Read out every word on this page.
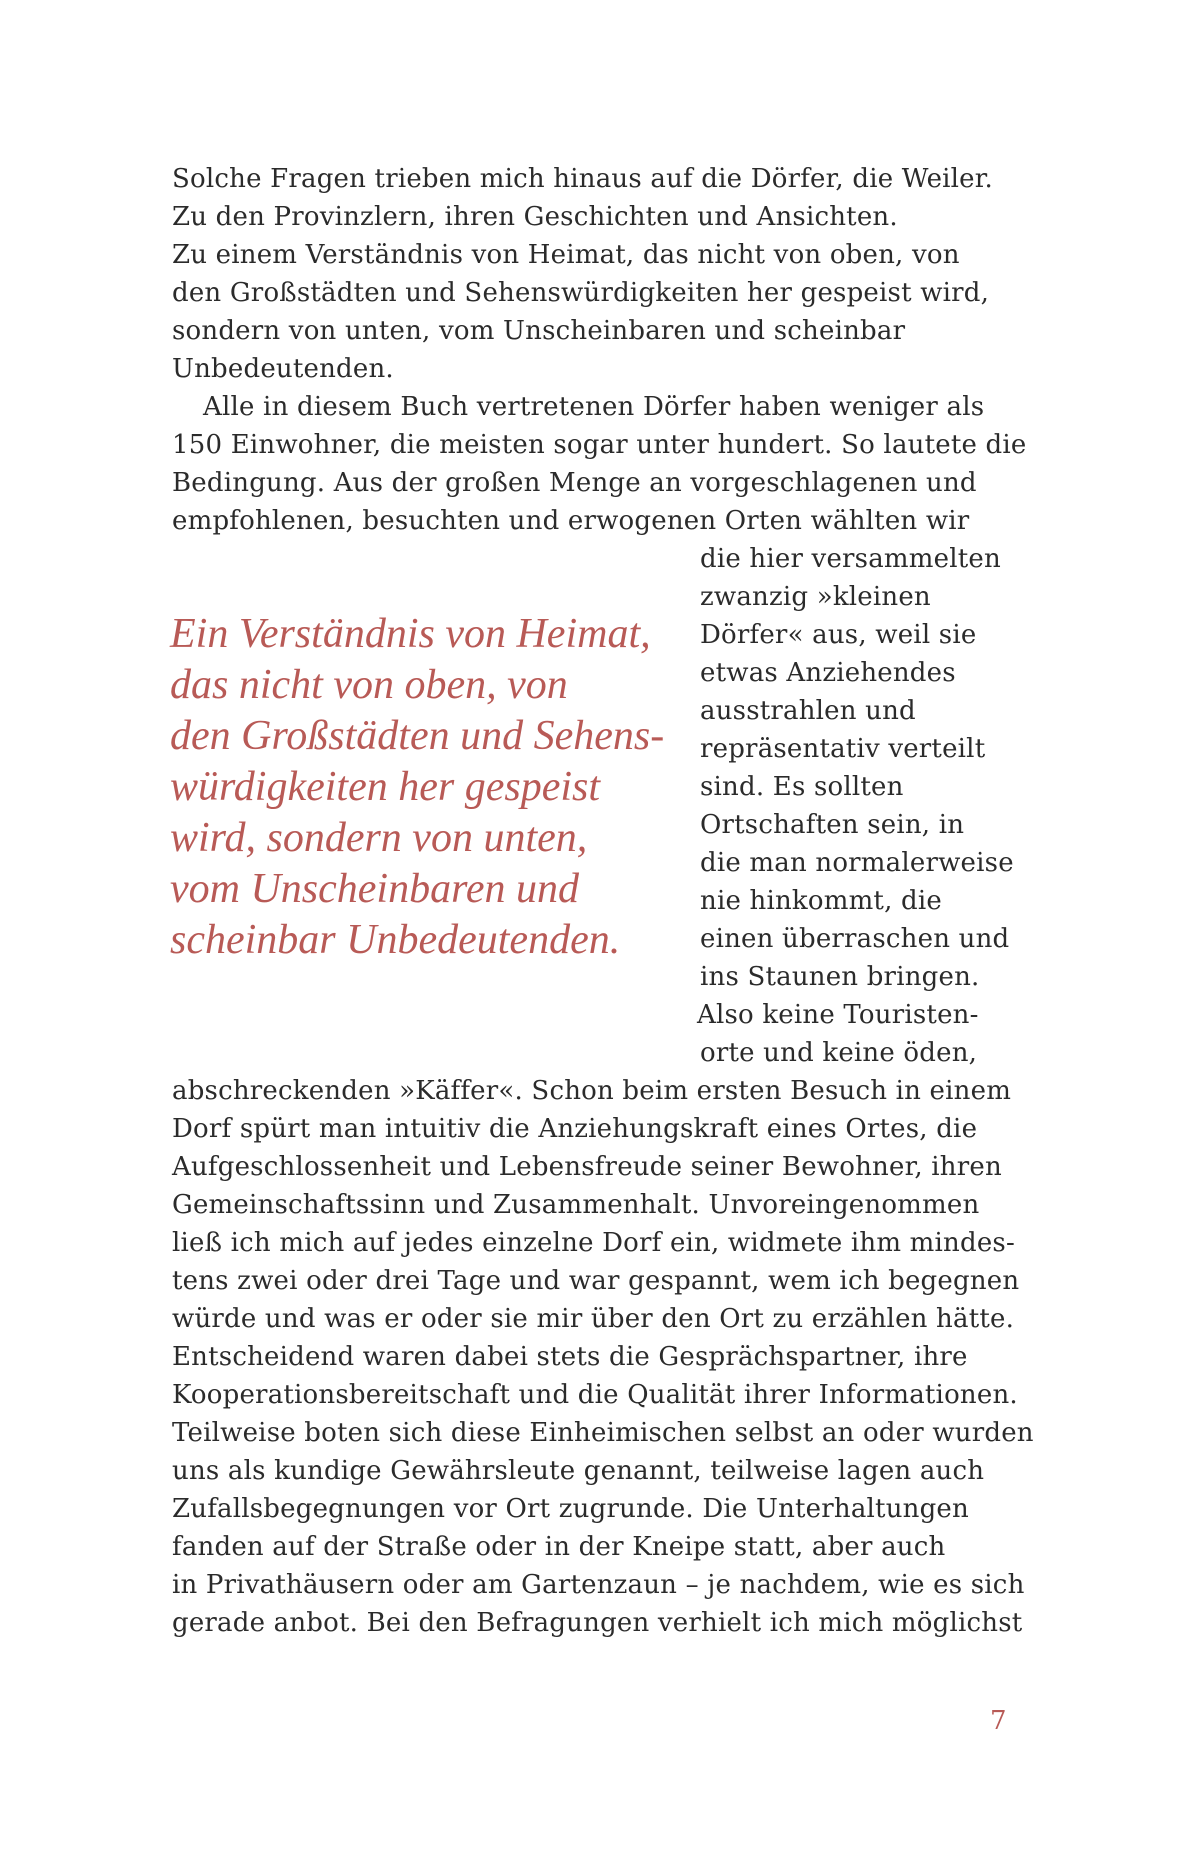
Solche Fragen trieben mich hinaus auf die Dörfer, die Weiler.
Zu den Provinzlern, ihren Geschichten und Ansichten.
Zu einem Verständnis von Heimat, das nicht von oben, von
den Großstädten und Sehenswürdigkeiten her gespeist wird,
sondern von unten, vom Unscheinbaren und scheinbar
Unbedeutenden.
Alle in diesem Buch vertretenen Dörfer haben weniger als
150 Einwohner, die meisten sogar unter hundert. So lautete die
Bedingung. Aus der großen Menge an vorgeschlagenen und
empfohlenen, besuchten und erwogenen Orten wählten wir
die hier versammelten
zwanzig »kleinen
Dörfer« aus, weil sie
etwas Anziehendes
ausstrahlen und
repräsentativ verteilt
sind. Es sollten
Ortschaften sein, in
die man normalerweise
nie hinkommt, die
einen überraschen und
ins Staunen bringen.
Also keine Touristen-
orte und keine öden,
Ein Verständnis von Heimat,
das nicht von oben, von
den Großstädten und Sehens-
würdigkeiten her gespeist
wird, sondern von unten,
vom Unscheinbaren und
scheinbar Unbedeutenden.
abschreckenden »Käffer«. Schon beim ersten Besuch in einem
Dorf spürt man intuitiv die Anziehungskraft eines Ortes, die
Aufgeschlossenheit und Lebensfreude seiner Bewohner, ihren
Gemeinschaftssinn und Zusammenhalt. Unvoreingenommen
ließ ich mich auf jedes einzelne Dorf ein, widmete ihm mindes-
tens zwei oder drei Tage und war gespannt, wem ich begegnen
würde und was er oder sie mir über den Ort zu erzählen hätte.
Entscheidend waren dabei stets die Gesprächspartner, ihre
Kooperationsbereitschaft und die Qualität ihrer Informationen.
Teilweise boten sich diese Einheimischen selbst an oder wurden
uns als kundige Gewährsleute genannt, teilweise lagen auch
Zufallsbegegnungen vor Ort zugrunde. Die Unterhaltungen
fanden auf der Straße oder in der Kneipe statt, aber auch
in Privathäusern oder am Gartenzaun – je nachdem, wie es sich
gerade anbot. Bei den Befragungen verhielt ich mich möglichst
7
